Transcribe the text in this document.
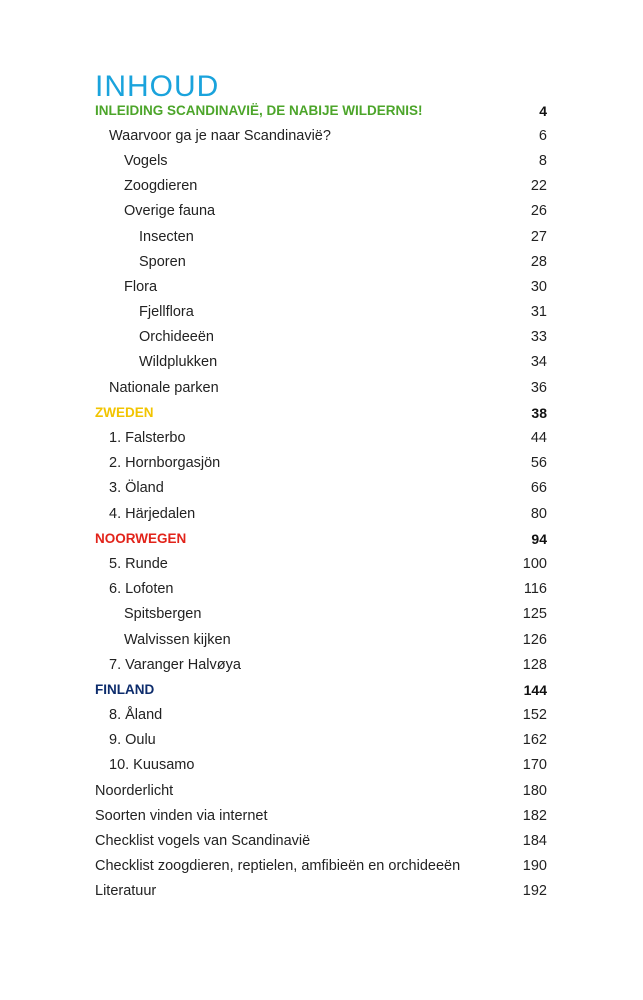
INHOUD
INLEIDING SCANDINAVIË, DE NABIJE WILDERNIS!	4
Waarvoor ga je naar Scandinavië?	6
Vogels	8
Zoogdieren	22
Overige fauna	26
Insecten	27
Sporen	28
Flora	30
Fjellflora	31
Orchideeën	33
Wildplukken	34
Nationale parken	36
ZWEDEN	38
1. Falsterbo	44
2. Hornborgasjön	56
3. Öland	66
4. Härjedalen	80
NOORWEGEN	94
5. Runde	100
6. Lofoten	116
Spitsbergen	125
Walvissen kijken	126
7. Varanger Halvøya	128
FINLAND	144
8. Åland	152
9. Oulu	162
10. Kuusamo	170
Noorderlicht	180
Soorten vinden via internet	182
Checklist vogels van Scandinavië	184
Checklist zoogdieren, reptielen, amfibieën en orchideeën	190
Literatuur	192
